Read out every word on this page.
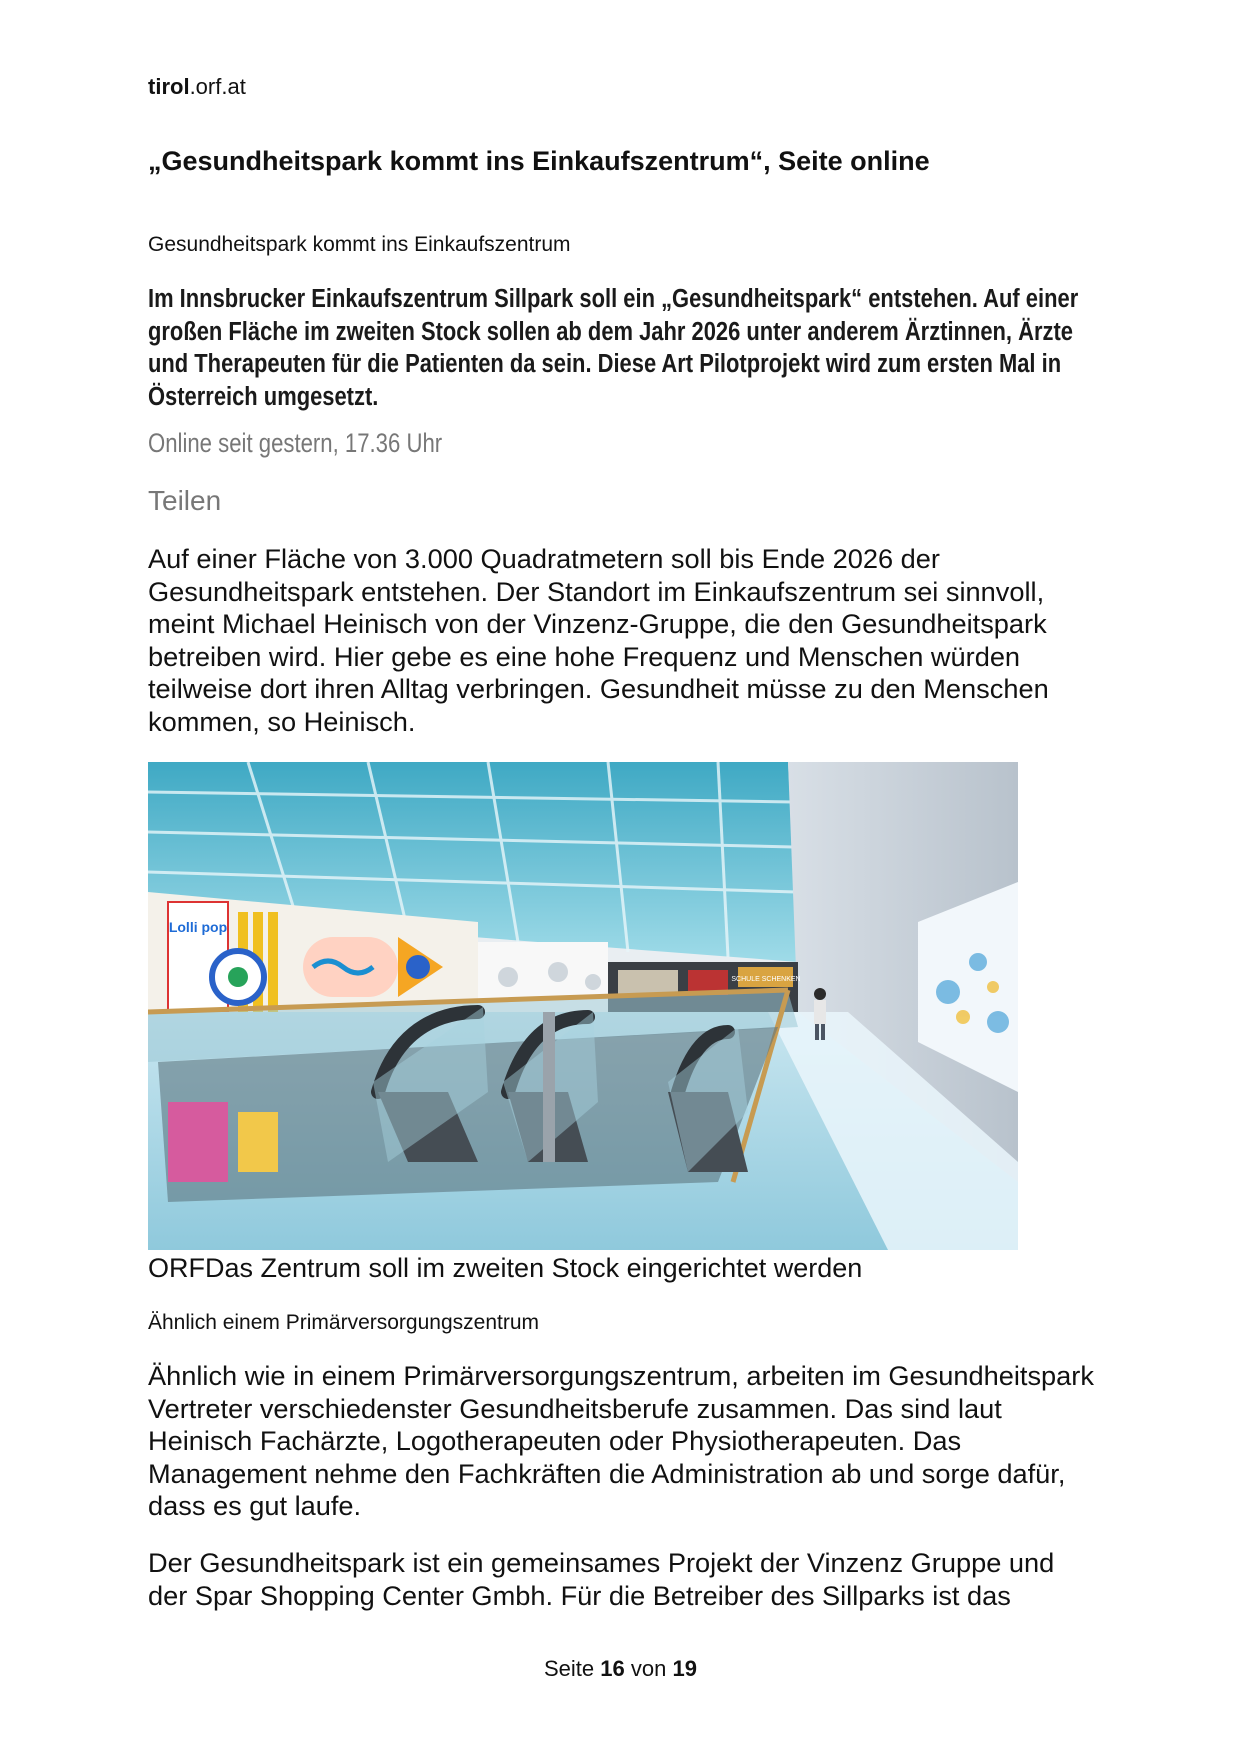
tirol.orf.at
„Gesundheitspark kommt ins Einkaufszentrum“, Seite online
Gesundheitspark kommt ins Einkaufszentrum
Im Innsbrucker Einkaufszentrum Sillpark soll ein „Gesundheitspark“ entstehen. Auf einer großen Fläche im zweiten Stock sollen ab dem Jahr 2026 unter anderem Ärztinnen, Ärzte und Therapeuten für die Patienten da sein. Diese Art Pilotprojekt wird zum ersten Mal in Österreich umgesetzt.
Online seit gestern, 17.36 Uhr
Teilen
Auf einer Fläche von 3.000 Quadratmetern soll bis Ende 2026 der Gesundheitspark entstehen. Der Standort im Einkaufszentrum sei sinnvoll, meint Michael Heinisch von der Vinzenz-Gruppe, die den Gesundheitspark betreiben wird. Hier gebe es eine hohe Frequenz und Menschen würden teilweise dort ihren Alltag verbringen. Gesundheit müsse zu den Menschen kommen, so Heinisch.
Lolli pop
SCHULE SCHENKEN
ORFDas Zentrum soll im zweiten Stock eingerichtet werden
Ähnlich einem Primärversorgungszentrum
Ähnlich wie in einem Primärversorgungszentrum, arbeiten im Gesundheitspark Vertreter verschiedenster Gesundheitsberufe zusammen. Das sind laut Heinisch Fachärzte, Logotherapeuten oder Physiotherapeuten. Das Management nehme den Fachkräften die Administration ab und sorge dafür, dass es gut laufe.
Der Gesundheitspark ist ein gemeinsames Projekt der Vinzenz Gruppe und der Spar Shopping Center Gmbh. Für die Betreiber des Sillparks ist das
Seite 16 von 19
